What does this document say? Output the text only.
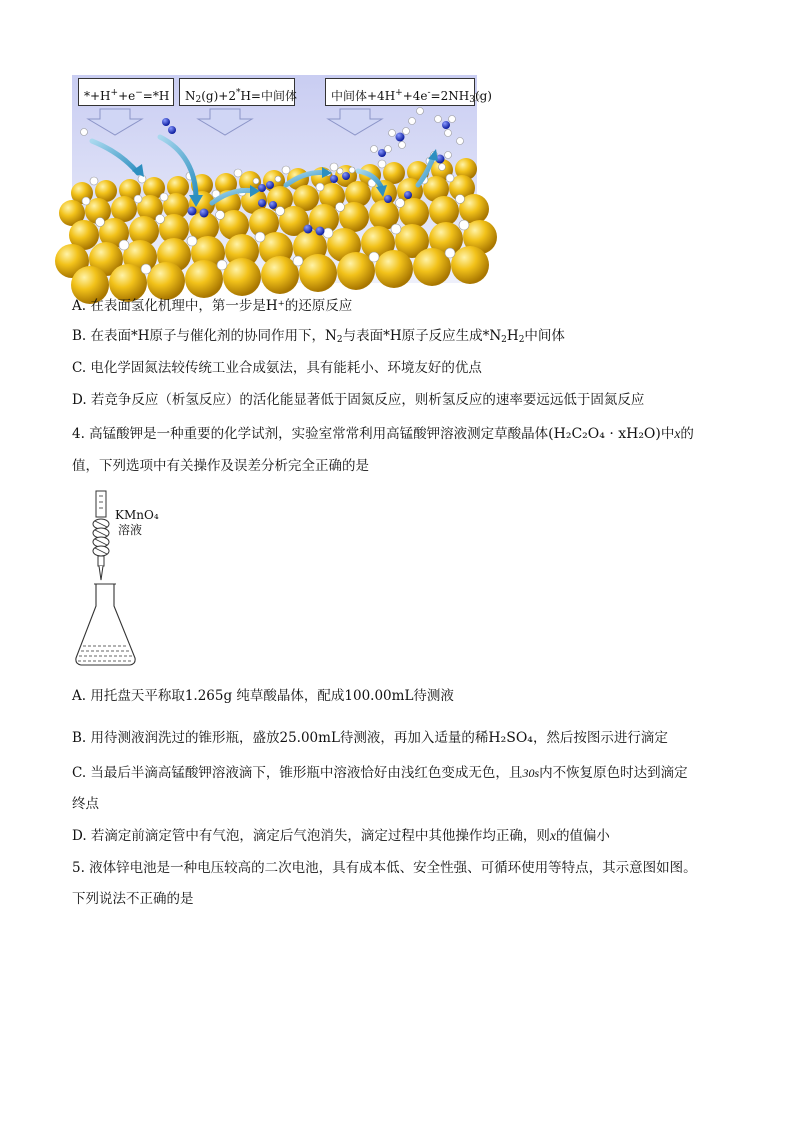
*+H++e−=*H	$N_2(g)+2^*H=$中间体	中间体$+4H^++4e^-=2NH_3(g)$
A. 在表面氢化机理中，第一步是H⁺的还原反应
B. 在表面*H原子与催化剂的协同作用下，$N_2$与表面*H原子反应生成$*N_2H_2$中间体
C. 电化学固氮法较传统工业合成氨法，具有能耗小、环境友好的优点
D. 若竞争反应（析氢反应）的活化能显著低于固氮反应，则析氢反应的速率要远远低于固氮反应
4. 高锰酸钾是一种重要的化学试剂，实验室常常利用高锰酸钾溶液测定草酸晶体(H₂C₂O₄ · xH₂O)中x的
值，下列选项中有关操作及误差分析完全正确的是
KMnO₄
溶液
A. 用托盘天平称取1.265g 纯草酸晶体，配成100.00mL待测液
B. 用待测液润洗过的锥形瓶，盛放25.00mL待测液，再加入适量的稀H₂SO₄，然后按图示进行滴定
C. 当最后半滴高锰酸钾溶液滴下，锥形瓶中溶液恰好由浅红色变成无色，且30s内不恢复原色时达到滴定
终点
D. 若滴定前滴定管中有气泡，滴定后气泡消失，滴定过程中其他操作均正确，则x的值偏小
5. 液体锌电池是一种电压较高的二次电池，具有成本低、安全性强、可循环使用等特点，其示意图如图。
下列说法不正确的是
